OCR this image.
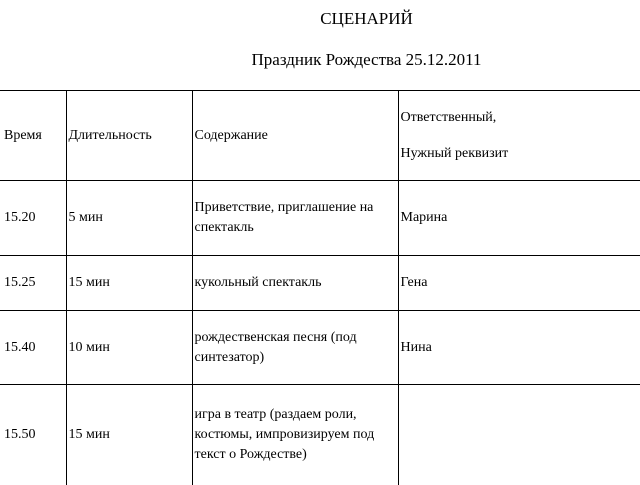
СЦЕНАРИЙ
Праздник Рождества 25.12.2011
Время	Длительность	Содержание	Ответственный,
Нужный реквизит

15.20	5 мин	Приветствие, приглашение на спектакль	Марина
15.25	15 мин	кукольный спектакль	Гена
15.40	10 мин	рождественская песня (под синтезатор)	Нина
15.50	15 мин	игра в театр (раздаем роли, костюмы, импровизируем под текст о Рождестве)	
